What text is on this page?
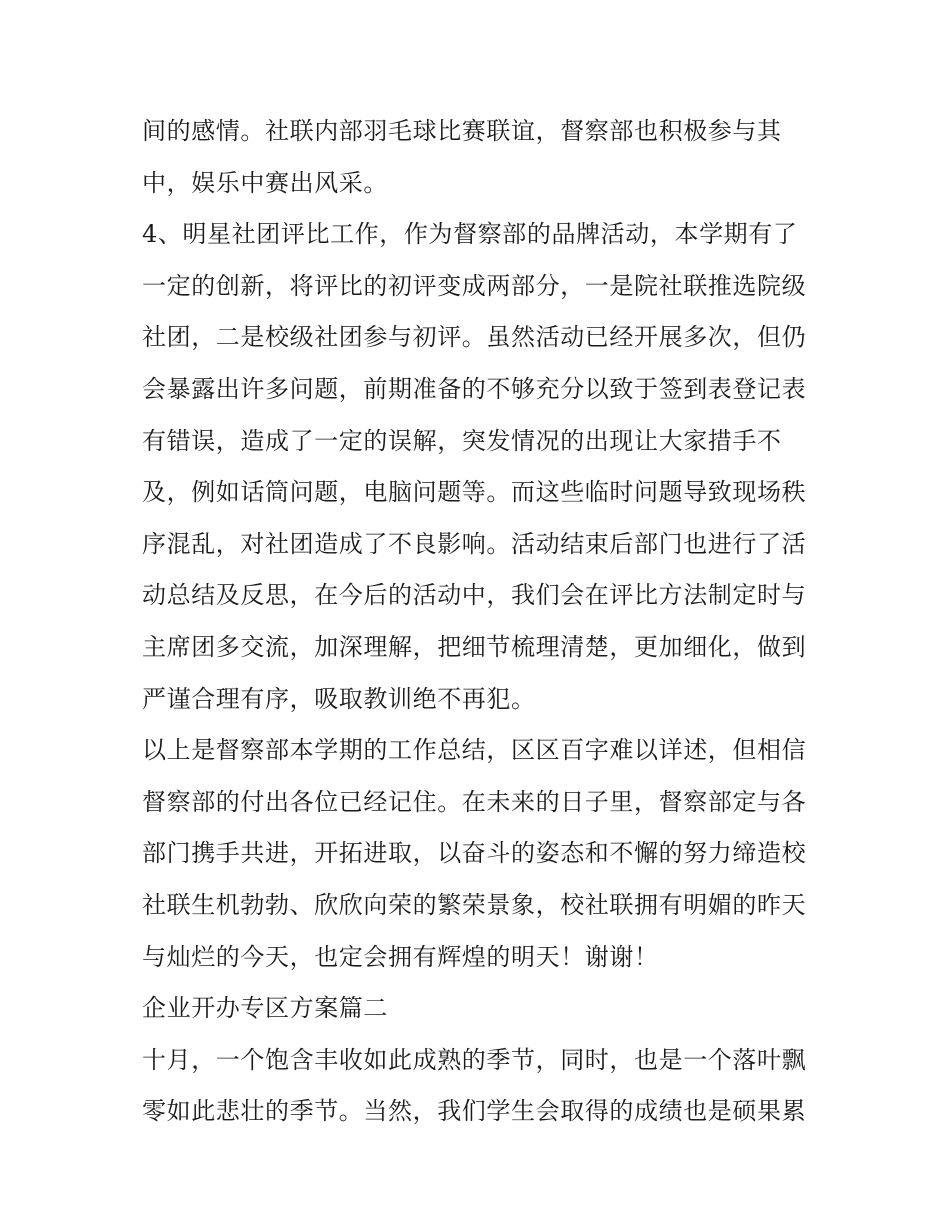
间的感情。社联内部羽毛球比赛联谊，督察部也积极参与其
中，娱乐中赛出风采。
4、明星社团评比工作，作为督察部的品牌活动，本学期有了
一定的创新，将评比的初评变成两部分，一是院社联推选院级
社团，二是校级社团参与初评。虽然活动已经开展多次，但仍
会暴露出许多问题，前期准备的不够充分以致于签到表登记表
有错误，造成了一定的误解，突发情况的出现让大家措手不
及，例如话筒问题，电脑问题等。而这些临时问题导致现场秩
序混乱，对社团造成了不良影响。活动结束后部门也进行了活
动总结及反思，在今后的活动中，我们会在评比方法制定时与
主席团多交流，加深理解，把细节梳理清楚，更加细化，做到
严谨合理有序，吸取教训绝不再犯。
以上是督察部本学期的工作总结，区区百字难以详述，但相信
督察部的付出各位已经记住。在未来的日子里，督察部定与各
部门携手共进，开拓进取，以奋斗的姿态和不懈的努力缔造校
社联生机勃勃、欣欣向荣的繁荣景象，校社联拥有明媚的昨天
与灿烂的今天，也定会拥有辉煌的明天！谢谢！
企业开办专区方案篇二
十月，一个饱含丰收如此成熟的季节，同时，也是一个落叶飘
零如此悲壮的季节。当然，我们学生会取得的成绩也是硕果累
